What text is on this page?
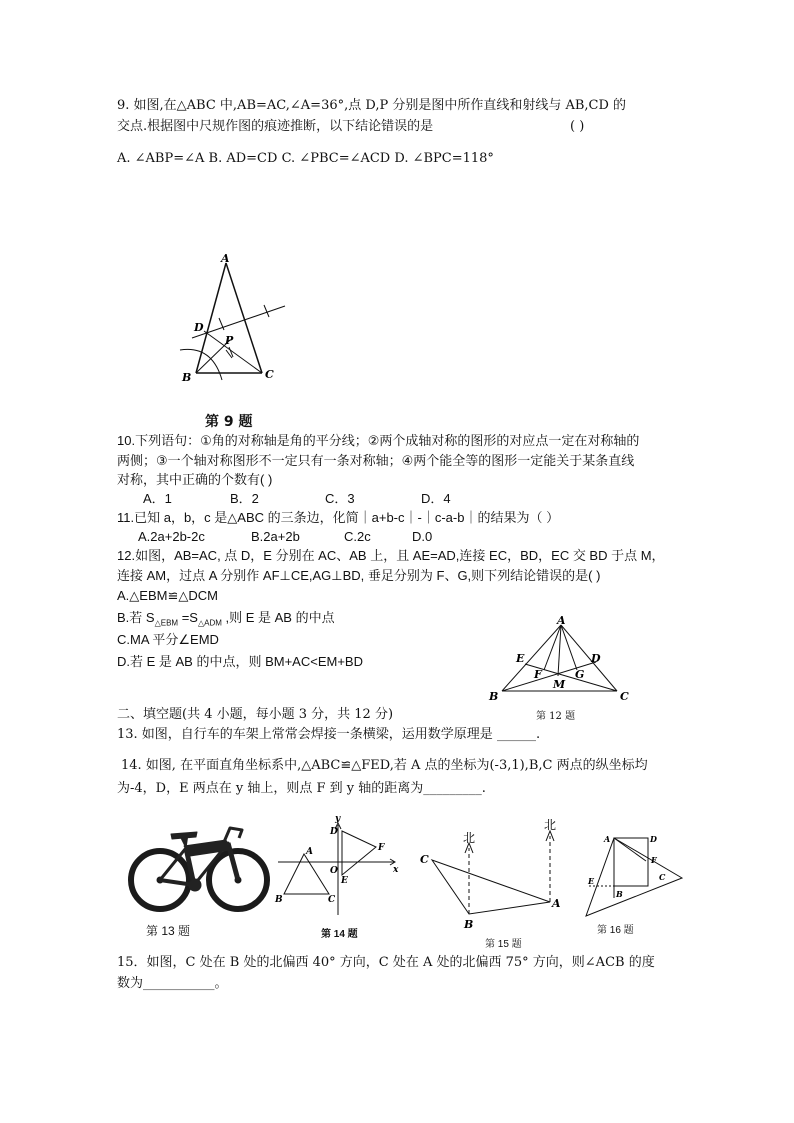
9. 如图,在△ABC 中,AB=AC,∠A=36°,点 D,P 分别是图中所作直线和射线与 AB,CD 的
交点.根据图中尺规作图的痕迹推断，以下结论错误的是	( )
A. ∠ABP=∠A B. AD=CD C. ∠PBC=∠ACD D. ∠BPC=118°
A
D
P
B	C
第 9 题
10.下列语句：①角的对称轴是角的平分线；②两个成轴对称的图形的对应点一定在对称轴的
两侧；③一个轴对称图形不一定只有一条对称轴；④两个能全等的图形一定能关于某条直线
对称，其中正确的个数有( )
A．1	B．2	C．3	D．4
11.已知 a，b，c 是△ABC 的三条边，化简｜a+b-c｜-｜c-a-b｜的结果为（ ）
A.2a+2b-2c	B.2a+2b	C.2c	D.0
12.如图，AB=AC, 点 D，E 分别在 AC、AB 上，且 AE=AD,连接 EC，BD，EC 交 BD 于点 M，
连接 AM，过点 A 分别作 AF⊥CE,AG⊥BD, 垂足分别为 F、G,则下列结论错误的是( )
A.△EBM≌△DCM
B.若 $S_{\triangle EBM} =S_{\triangle ADM}$ ,则 E 是 AB 的中点
C.MA 平分∠EMD
D.若 E 是 AB 的中点，则 BM+AC<EM+BD
A
E	D
F	G
M
B	C
第 12 题
二、填空题(共 4 小题，每小题 3 分，共 12 分)
13. 如图，自行车的车架上常常会焊接一条横梁，运用数学原理是 ______.
14. 如图, 在平面直角坐标系中,△ABC≌△FED,若 A 点的坐标为(-3,1),B,C 两点的纵坐标均
为-4，D，E 两点在 y 轴上，则点 F 到 y 轴的距离为_________.
第 13 题
y
x
D
A	F
O
E
B	C
第 14 题
北
北
C
B
A
第 15 题
A	D
F
E
B
C
第 16 题
15．如图，C 处在 B 处的北偏西 40° 方向，C 处在 A 处的北偏西 75° 方向，则∠ACB 的度
数为___________。
